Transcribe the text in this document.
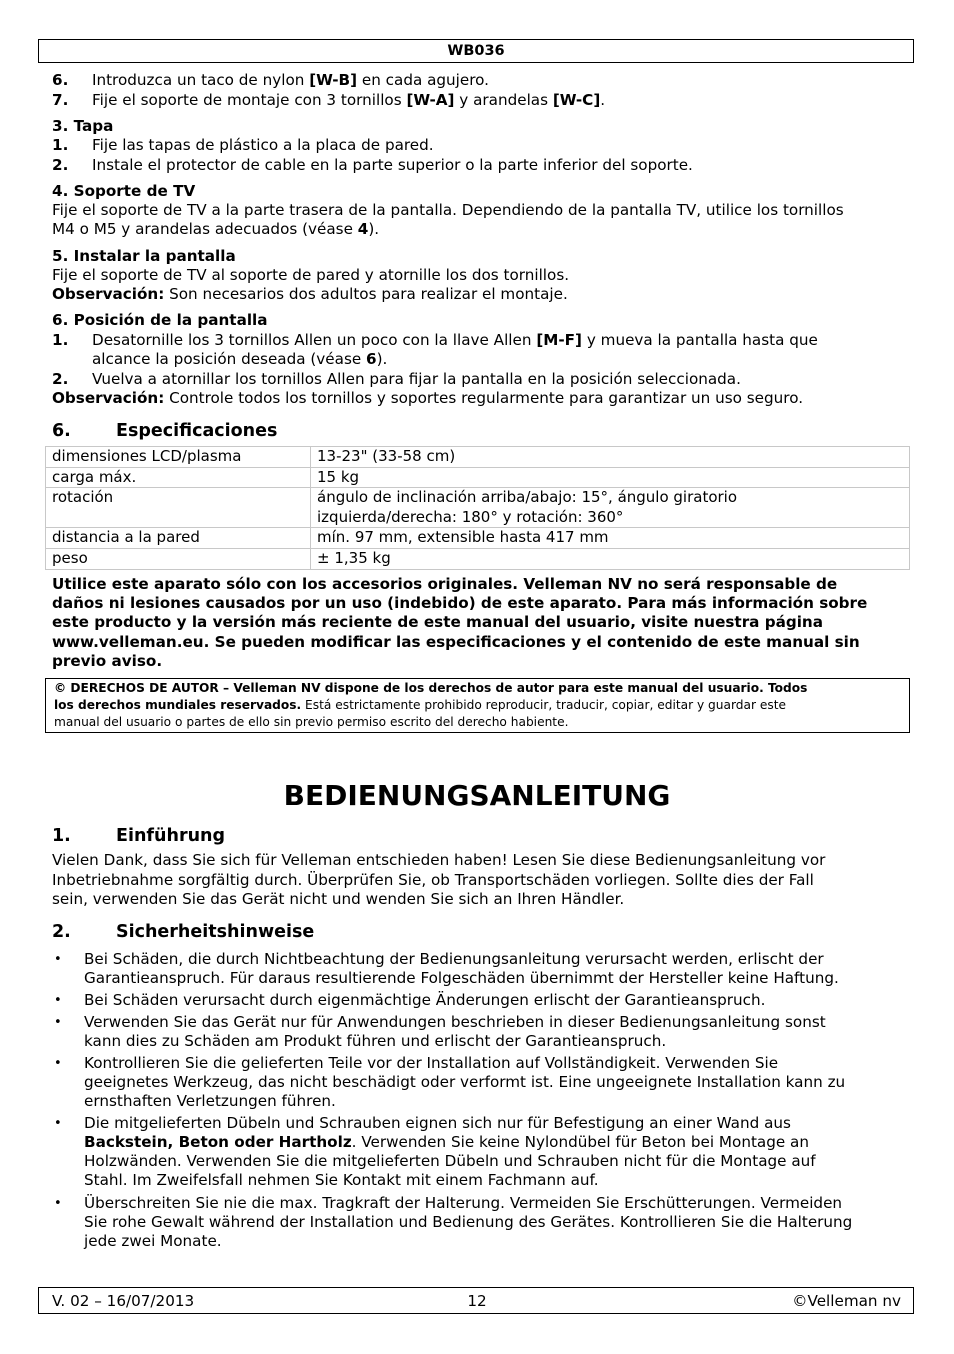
WB036
6. Introduzca un taco de nylon [W-B] en cada agujero.
7. Fije el soporte de montaje con 3 tornillos [W-A] y arandelas [W-C].
3. Tapa
1. Fije las tapas de plástico a la placa de pared.
2. Instale el protector de cable en la parte superior o la parte inferior del soporte.
4. Soporte de TV
Fije el soporte de TV a la parte trasera de la pantalla. Dependiendo de la pantalla TV, utilice los tornillos
M4 o M5 y arandelas adecuados (véase 4).
5. Instalar la pantalla
Fije el soporte de TV al soporte de pared y atornille los dos tornillos.
Observación: Son necesarios dos adultos para realizar el montaje.
6. Posición de la pantalla
1. Desatornille los 3 tornillos Allen un poco con la llave Allen [M-F] y mueva la pantalla hasta que
alcance la posición deseada (véase 6).
2. Vuelva a atornillar los tornillos Allen para fijar la pantalla en la posición seleccionada.
Observación: Controle todos los tornillos y soportes regularmente para garantizar un uso seguro.
6.	Especificaciones
dimensiones LCD/plasma	13-23" (33-58 cm)
carga máx.	15 kg
rotación	ángulo de inclinación arriba/abajo: 15°, ángulo giratorio
izquierda/derecha: 180° y rotación: 360°

distancia a la pared	mín. 97 mm, extensible hasta 417 mm
peso	± 1,35 kg
Utilice este aparato sólo con los accesorios originales. Velleman NV no será responsable de
daños ni lesiones causados por un uso (indebido) de este aparato. Para más información sobre
este producto y la versión más reciente de este manual del usuario, visite nuestra página
www.velleman.eu. Se pueden modificar las especificaciones y el contenido de este manual sin
previo aviso.
© DERECHOS DE AUTOR – Velleman NV dispone de los derechos de autor para este manual del usuario. Todos
los derechos mundiales reservados. Está estrictamente prohibido reproducir, traducir, copiar, editar y guardar este
manual del usuario o partes de ello sin previo permiso escrito del derecho habiente.
BEDIENUNGSANLEITUNG
1.	Einführung
Vielen Dank, dass Sie sich für Velleman entschieden haben! Lesen Sie diese Bedienungsanleitung vor
Inbetriebnahme sorgfältig durch. Überprüfen Sie, ob Transportschäden vorliegen. Sollte dies der Fall
sein, verwenden Sie das Gerät nicht und wenden Sie sich an Ihren Händler.
2.	Sicherheitshinweise
• Bei Schäden, die durch Nichtbeachtung der Bedienungsanleitung verursacht werden, erlischt der
Garantieanspruch. Für daraus resultierende Folgeschäden übernimmt der Hersteller keine Haftung.
• Bei Schäden verursacht durch eigenmächtige Änderungen erlischt der Garantieanspruch.
• Verwenden Sie das Gerät nur für Anwendungen beschrieben in dieser Bedienungsanleitung sonst
kann dies zu Schäden am Produkt führen und erlischt der Garantieanspruch.
• Kontrollieren Sie die gelieferten Teile vor der Installation auf Vollständigkeit. Verwenden Sie
geeignetes Werkzeug, das nicht beschädigt oder verformt ist. Eine ungeeignete Installation kann zu
ernsthaften Verletzungen führen.
• Die mitgelieferten Dübeln und Schrauben eignen sich nur für Befestigung an einer Wand aus
Backstein, Beton oder Hartholz. Verwenden Sie keine Nylondübel für Beton bei Montage an
Holzwänden. Verwenden Sie die mitgelieferten Dübeln und Schrauben nicht für die Montage auf
Stahl. Im Zweifelsfall nehmen Sie Kontakt mit einem Fachmann auf.
• Überschreiten Sie nie die max. Tragkraft der Halterung. Vermeiden Sie Erschütterungen. Vermeiden
Sie rohe Gewalt während der Installation und Bedienung des Gerätes. Kontrollieren Sie die Halterung
jede zwei Monate.
V. 02 – 16/07/2013	12	©Velleman nv
